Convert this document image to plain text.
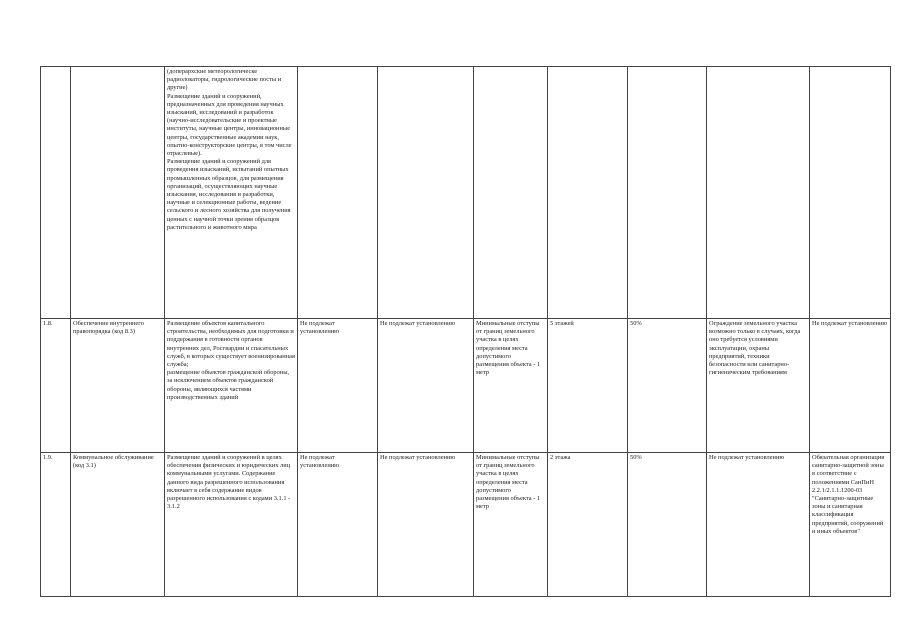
		(доперархские метеорологическе радиолокаторы, гидрологические посты и другие)
Размещение зданий и сооружений, предназначенных для проведения научных изысканий, исследований и разработок (научно-исследовательские и проектные институты, научные центры, инновационные центры, государственные академии наук, опытно-конструкторские центры, в том числе отраслевые).
Размещение зданий и сооружений для проведения изысканий, испытаний опытных промышленных образцов, для размещения организаций, осуществляющих научные изыскания, исследования и разработки, научные и селекционные работы, ведение сельского и лесного хозяйства для получения ценных с научной точки зрения образцов растительного и животного мира							
1.8.	Обеспечение внутреннего правопорядка (код 8.3)	Размещение объектов капитального строительства, необходимых для подготовки и поддержания в готовности органов внутренних дел, Росгвардии и спасательных служб, в которых существует военизированная служба;
размещение объектов гражданской обороны, за исключением объектов гражданской обороны, являющихся частями производственных зданий	Не подлежат установлению	Не подлежат установлению	Минимальные отступы от границ земельного участка в целях определения места допустимого размещения объекта - 1 метр	5 этажей	50%	Ограждение земельного участка возможно только в случаях, когда оно требуется условиями эксплуатации, охраны предприятий, техники безопасности или санитарно-гигиеническим требованиям	Не подлежат установлению
1.9.	Коммунальное обслуживание (код 3.1)	Размещение зданий и сооружений в целях обеспечения физических и юридических лиц коммунальными услугами. Содержание данного вида разрешенного использования включает в себя содержание видов разрешенного использования с кодами 3.1.1 - 3.1.2	Не подлежат установлению	Не подлежат установлению	Минимальные отступы от границ земельного участка в целях определения места допустимого размещения объекта - 1 метр	2 этажа	50%	Не подлежат установлению	Обязательная организация санитарно-защитной зоны в соответствие с положениями СанПиН 2.2.1/2.1.1.1200-03 "Санитарно-защитные зоны и санитарная классификация предприятий, сооружений и иных объектов"
